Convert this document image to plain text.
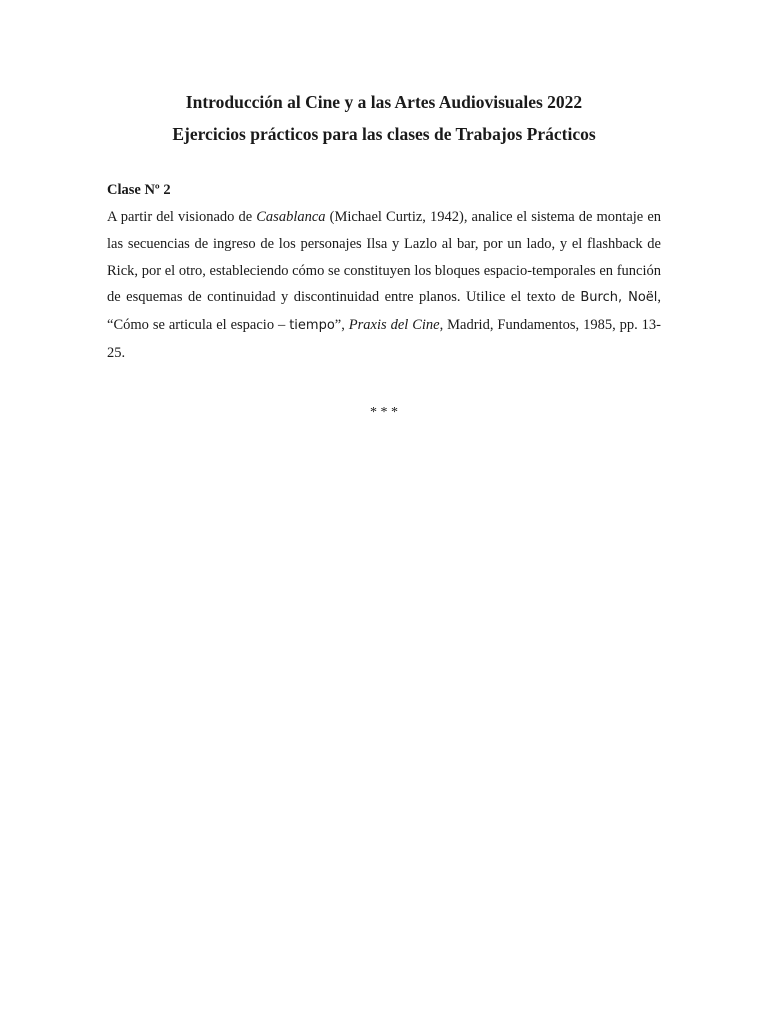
Introducción al Cine y a las Artes Audiovisuales 2022
Ejercicios prácticos para las clases de Trabajos Prácticos
Clase Nº 2

A partir del visionado de Casablanca (Michael Curtiz, 1942), analice el sistema de montaje en las secuencias de ingreso de los personajes Ilsa y Lazlo al bar, por un lado, y el flashback de Rick, por el otro, estableciendo cómo se constituyen los bloques espacio-temporales en función de esquemas de continuidad y discontinuidad entre planos. Utilice el texto de Burch, Noël, “Cómo se articula el espacio – tiempo”, Praxis del Cine, Madrid, Fundamentos, 1985, pp. 13-25.

* * *
